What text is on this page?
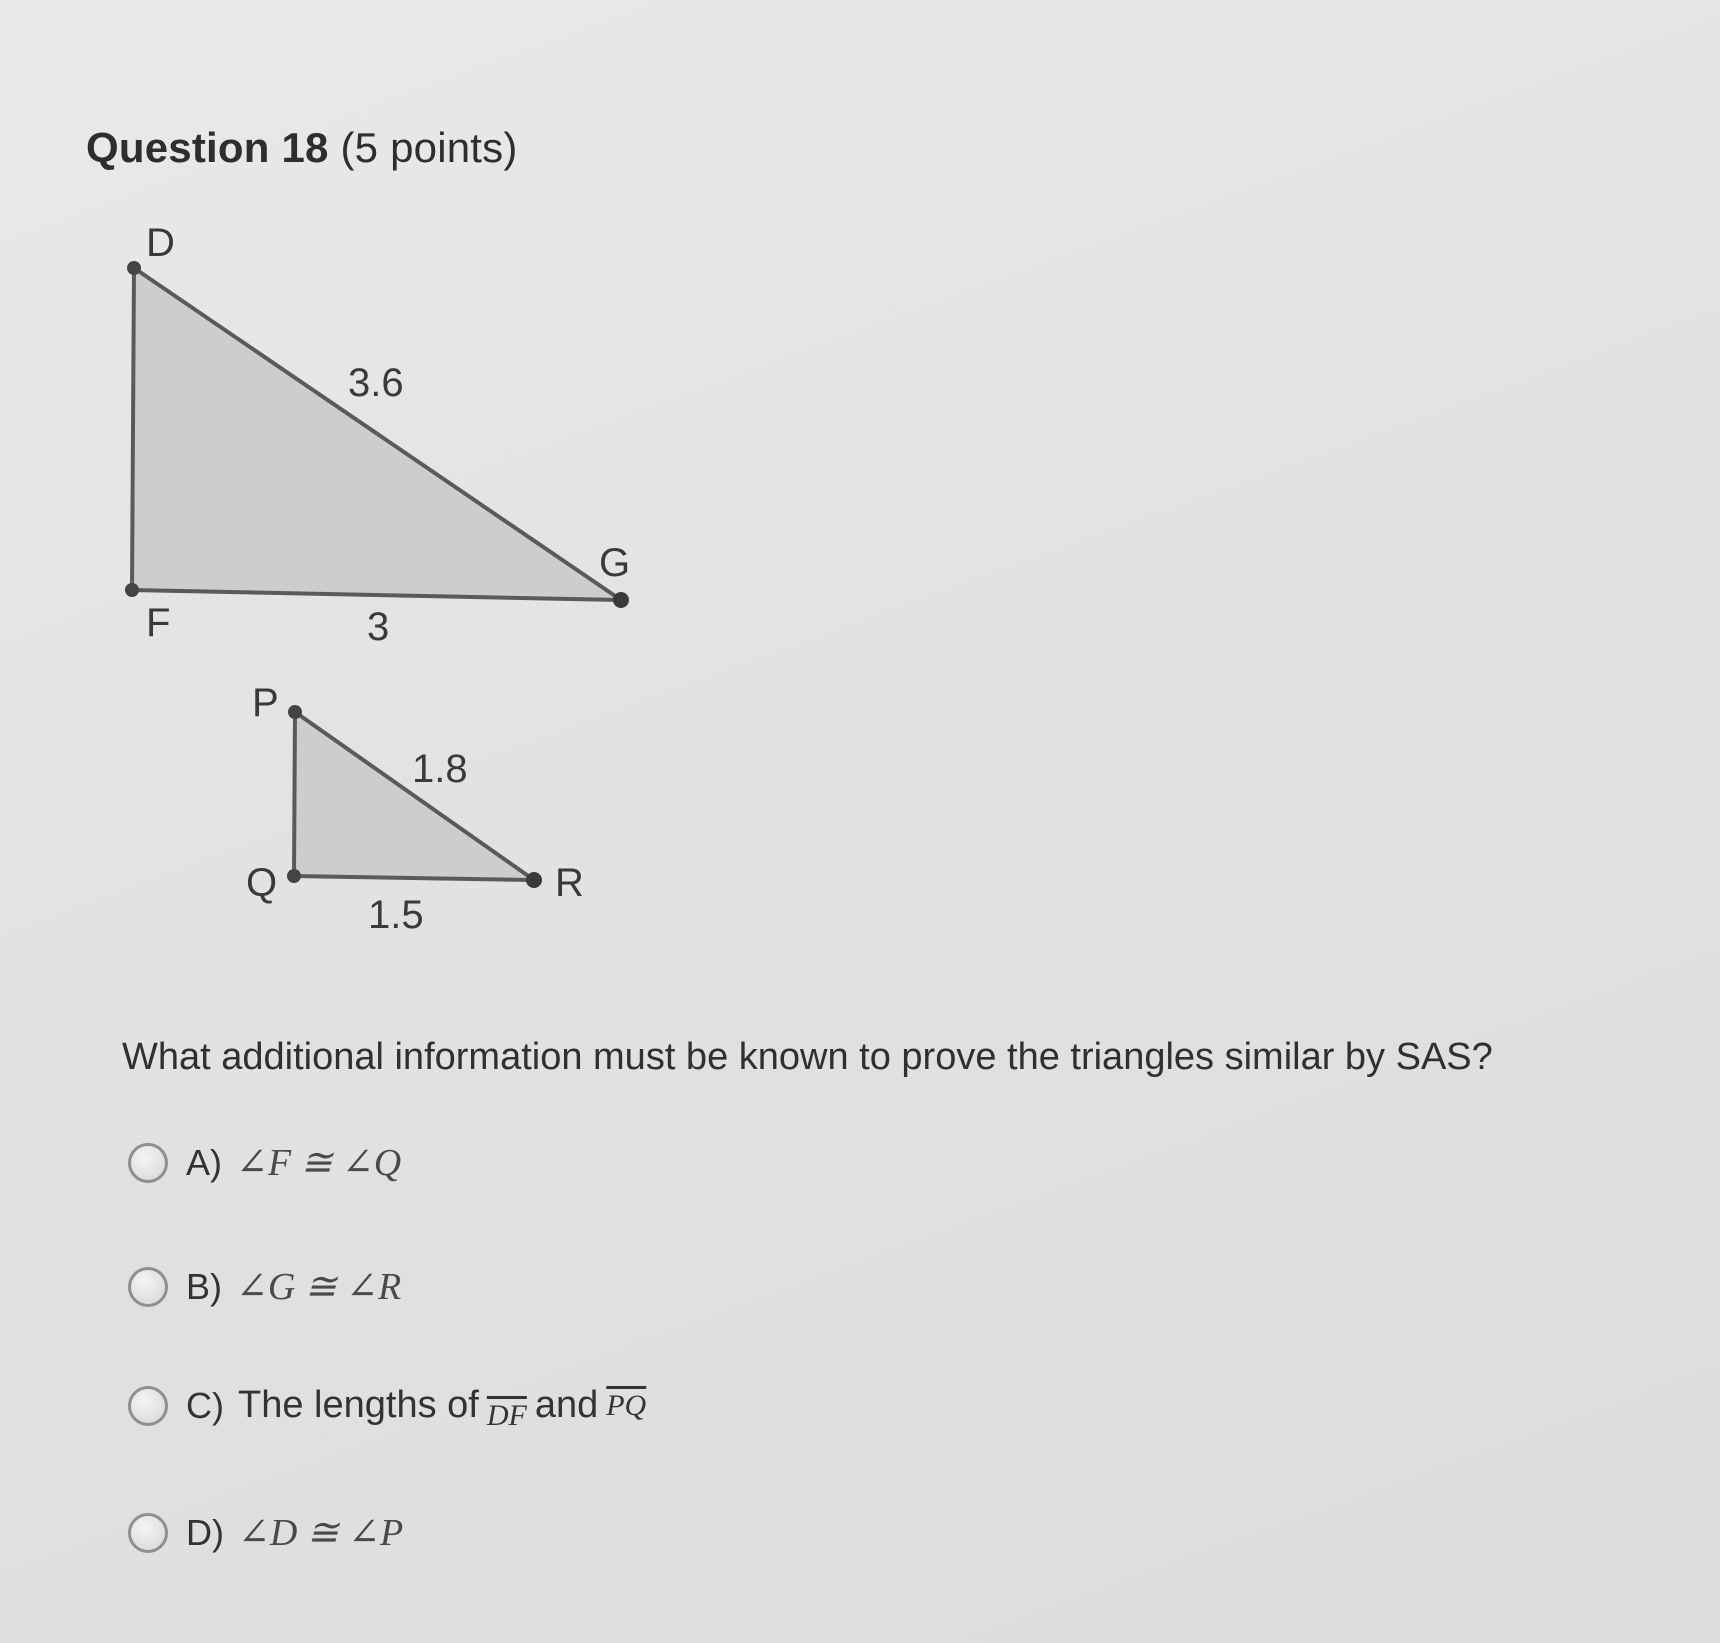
Question 18 (5 points)
D
F
G
3.6
3
P
Q	R
1.8
1.5
What additional information must be known to prove the triangles similar by SAS?
A) ∠F ≅ ∠Q
B) ∠G ≅ ∠R
C) The lengths of $\overline{DF}$ and $\overline{PQ}$
D) ∠D ≅ ∠P
